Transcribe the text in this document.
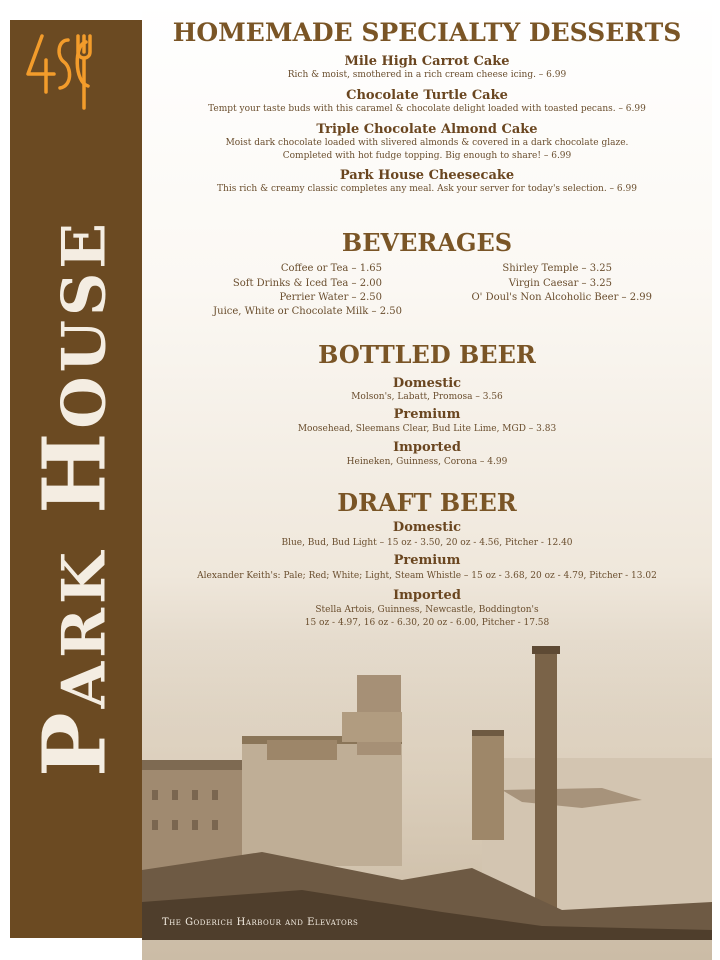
Park House
HOMEMADE SPECIALTY DESSERTS
Mile High Carrot Cake
Rich & moist, smothered in a rich cream cheese icing. – 6.99
Chocolate Turtle Cake
Tempt your taste buds with this caramel & chocolate delight loaded with toasted pecans. – 6.99
Triple Chocolate Almond Cake
Moist dark chocolate loaded with slivered almonds & covered in a dark chocolate glaze.
Completed with hot fudge topping. Big enough to share! – 6.99
Park House Cheesecake
This rich & creamy classic completes any meal. Ask your server for today's selection. – 6.99
BEVERAGES
Coffee or Tea – 1.65
Soft Drinks & Iced Tea – 2.00
Perrier Water – 2.50
Juice, White or Chocolate Milk – 2.50
Shirley Temple – 3.25
Virgin Caesar – 3.25
O' Doul's Non Alcoholic Beer – 2.99
BOTTLED BEER
Domestic
Molson's, Labatt, Promosa – 3.56
Premium
Moosehead, Sleemans Clear, Bud Lite Lime, MGD – 3.83
Imported
Heineken, Guinness, Corona – 4.99
DRAFT BEER
Domestic
Blue, Bud, Bud Light – 15 oz - 3.50, 20 oz - 4.56, Pitcher - 12.40
Premium
Alexander Keith's: Pale; Red; White; Light, Steam Whistle – 15 oz - 3.68, 20 oz - 4.79, Pitcher - 13.02
Imported
Stella Artois, Guinness, Newcastle, Boddington's
15 oz - 4.97, 16 oz - 6.30, 20 oz - 6.00, Pitcher - 17.58
The Goderich Harbour and Elevators
